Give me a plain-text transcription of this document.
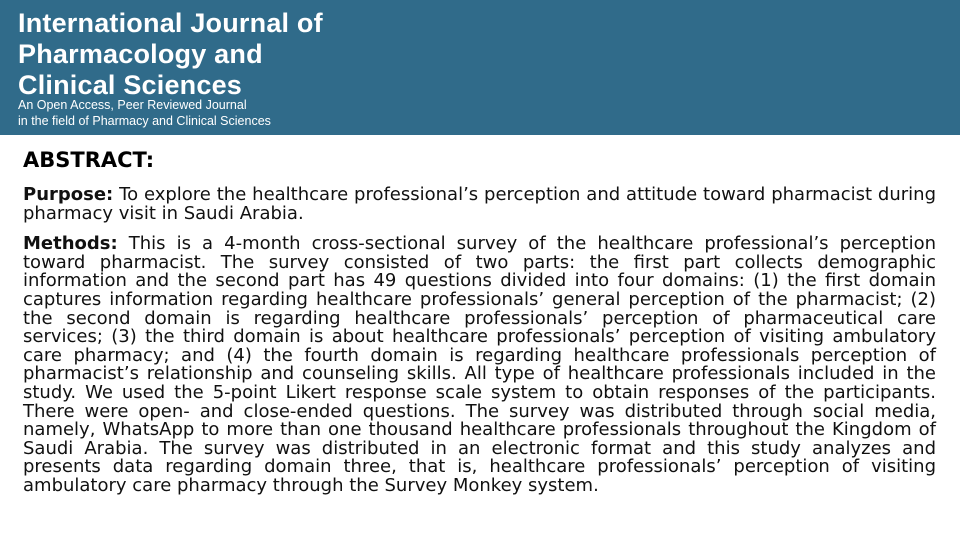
International Journal of
Pharmacology and
Clinical Sciences
An Open Access, Peer Reviewed Journal
in the field of Pharmacy and Clinical Sciences
ABSTRACT:

Purpose: To explore the healthcare professional’s perception and attitude toward pharmacist during pharmacy visit in Saudi Arabia.

Methods: This is a 4-month cross-sectional survey of the healthcare professional’s perception toward pharmacist. The survey consisted of two parts: the first part collects demographic information and the second part has 49 questions divided into four domains: (1) the first domain captures information regarding healthcare professionals’ general perception of the pharmacist; (2) the second domain is regarding healthcare professionals’ perception of pharmaceutical care services; (3) the third domain is about healthcare professionals’ perception of visiting ambulatory care pharmacy; and (4) the fourth domain is regarding healthcare professionals perception of pharmacist’s relationship and counseling skills. All type of healthcare professionals included in the study. We used the 5-point Likert response scale system to obtain responses of the participants. There were open- and close-ended questions. The survey was distributed through social media, namely, WhatsApp to more than one thousand healthcare professionals throughout the Kingdom of Saudi Arabia. The survey was distributed in an electronic format and this study analyzes and presents data regarding domain three, that is, healthcare professionals’ perception of visiting ambulatory care pharmacy through the Survey Monkey system.
